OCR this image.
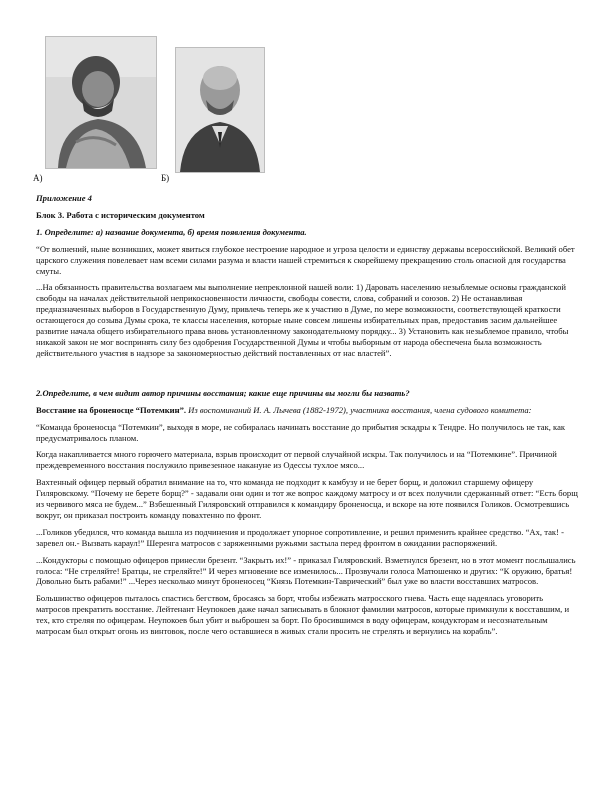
А)	Б)

Приложение 4

Блок 3. Работа с историческим документом

1. Определите: а) название документа, б) время появления документа.

“От волнений, ныне возникших, может явиться глубокое нестроение народное и угроза целости и единству державы всероссийской. Великий обет царского служения повелевает нам всеми силами разума и власти нашей стремиться к скорейшему прекращению столь опасной для государства смуты.

...На обязанность правительства возлагаем мы выполнение непреклонной нашей воли: 1) Даровать населению незыблемые основы гражданской свободы на началах действительной неприкосновенности личности, свободы совести, слова, собраний и союзов. 2) Не останавливая предназначенных выборов в Государственную Думу, привлечь теперь же к участию в Думе, по мере возможности, соответствующей краткости остающегося до созыва Думы срока, те классы населения, которые ныне совсем лишены избирательных прав, предоставив засим дальнейшее развитие начала общего избирательного права вновь установленному законодательному порядку... 3) Установить как незыблемое правило, чтобы никакой закон не мог воспринять силу без одобрения Государственной Думы и чтобы выборным от народа обеспечена была возможность действительного участия в надзоре за закономерностью действий поставленных от нас властей”.

2.Определите, в чем видит автор причины восстания; какие еще причины вы могли бы назвать?

Восстание на броненосце “Потемкин”. Из воспоминаний И. А. Лычева (1882-1972), участника восстания, члена судового комитета:

“Команда броненосца “Потемкин”, выходя в море, не собиралась начинать восстание до прибытия эскадры к Тендре. Но получилось не так, как предусматривалось планом.

Когда накапливается много горючего материала, взрыв происходит от первой случайной искры. Так получилось и на “Потемкине”. Причиной преждевременного восстания послужило привезенное накануне из Одессы тухлое мясо...

Вахтенный офицер первый обратил внимание на то, что команда не подходит к камбузу и не берет борщ, и доложил старшему офицеру Гиляровскому. “Почему не берете борщ?” - задавали они один и тот же вопрос каждому матросу и от всех получили сдержанный ответ: “Есть борщ из червивого мяса не будем...” Взбешенный Гиляровский отправился к командиру броненосца, и вскоре на юте появился Голиков. Осмотревшись вокруг, он приказал построить команду повахтенно по фронт.

...Голиков убедился, что команда вышла из подчинения и продолжает упорное сопротивление, и решил применить крайнее средство. “Ах, так! - заревел он.- Вызвать караул!” Шеренга матросов с заряженными ружьями застыла перед фронтом в ожидании распоряжений.

...Кондукторы с помощью офицеров принесли брезент. “Закрыть их!” - приказал Гиляровский. Взметнулся брезент, но в этот момент послышались голоса: “Не стреляйте! Братцы, не стреляйте!” И через мгновение все изменилось... Прозвучали голоса Матюшенко и других: “К оружию, братья! Довольно быть рабами!” ...Через несколько минут броненосец “Князь Потемкин-Таврический” был уже во власти восставших матросов.

Большинство офицеров пыталось спастись бегством, бросаясь за борт, чтобы избежать матросского гнева. Часть еще надеялась уговорить матросов прекратить восстание. Лейтенант Неупокоев даже начал записывать в блокнот фамилии матросов, которые примкнули к восставшим, и тех, кто стреляя по офицерам. Неупокоев был убит и выброшен за борт. По бросившимся в воду офицерам, кондукторам и несознательным матросам был открыт огонь из винтовок, после чего оставшиеся в живых стали просить не стрелять и вернулись на корабль”.
